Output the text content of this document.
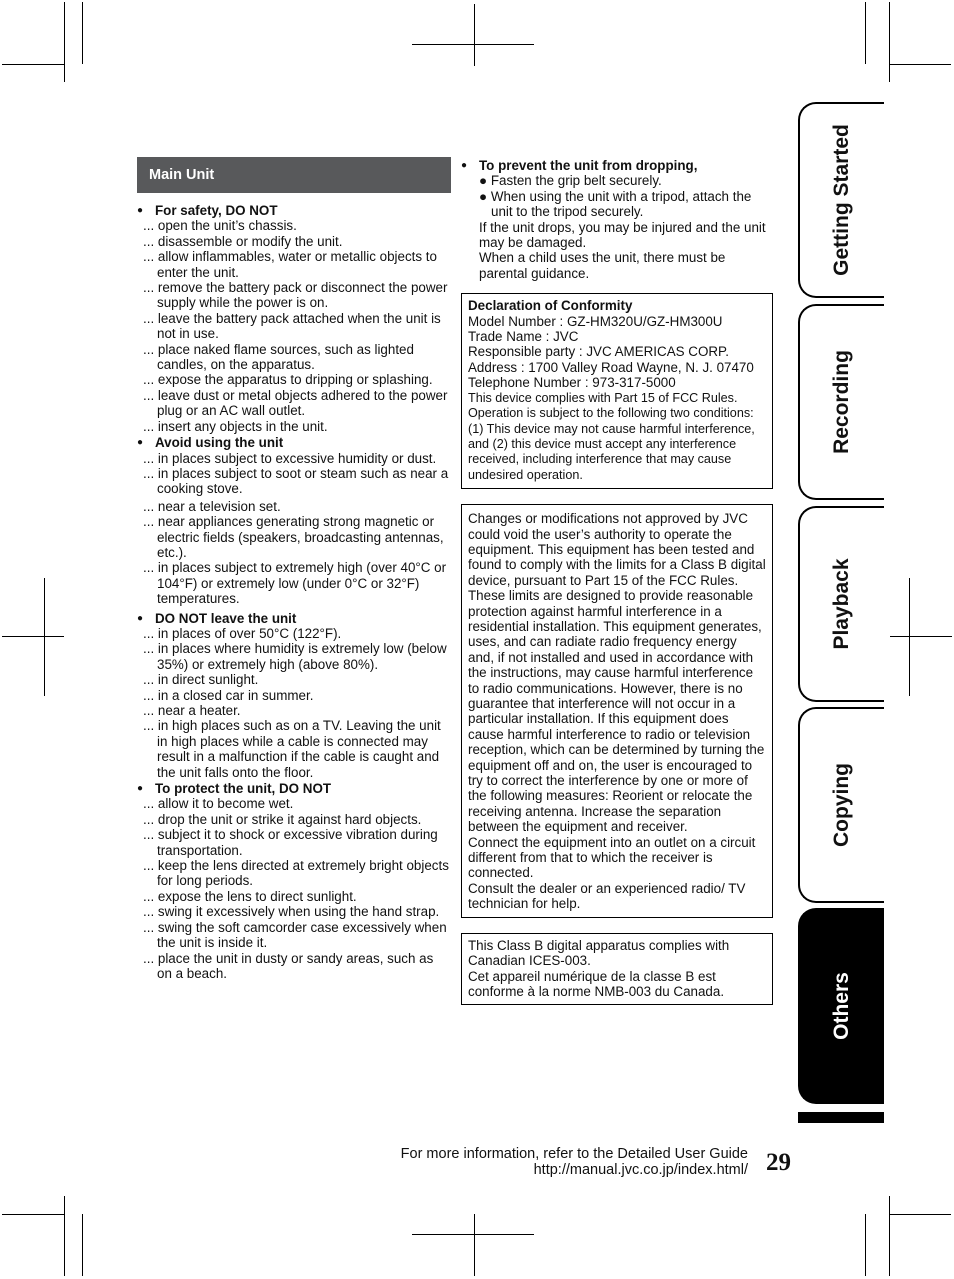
Main Unit
● For safety, DO NOT
... open the unit’s chassis.
... disassemble or modify the unit.
... allow inflammables, water or metallic objects to enter the unit.
... remove the battery pack or disconnect the power supply while the power is on.
... leave the battery pack attached when the unit is not in use.
... place naked flame sources, such as lighted candles, on the apparatus.
... expose the apparatus to dripping or splashing.
... leave dust or metal objects adhered to the power plug or an AC wall outlet.
... insert any objects in the unit.
● Avoid using the unit
... in places subject to excessive humidity or dust.
... in places subject to soot or steam such as near a cooking stove.
... near a television set.
... near appliances generating strong magnetic or electric fields (speakers, broadcasting antennas, etc.).
... in places subject to extremely high (over 40°C or 104°F) or extremely low (under 0°C or 32°F) temperatures.
● DO NOT leave the unit
... in places of over 50°C (122°F).
... in places where humidity is extremely low (below 35%) or extremely high (above 80%).
... in direct sunlight.
... in a closed car in summer.
... near a heater.
... in high places such as on a TV. Leaving the unit in high places while a cable is connected may result in a malfunction if the cable is caught and the unit falls onto the floor.
● To protect the unit, DO NOT
... allow it to become wet.
... drop the unit or strike it against hard objects.
... subject it to shock or excessive vibration during transportation.
... keep the lens directed at extremely bright objects for long periods.
... expose the lens to direct sunlight.
... swing it excessively when using the hand strap.
... swing the soft camcorder case excessively when the unit is inside it.
... place the unit in dusty or sandy areas, such as on a beach.
● To prevent the unit from dropping,
● Fasten the grip belt securely.
● When using the unit with a tripod, attach the unit to the tripod securely.
If the unit drops, you may be injured and the unit may be damaged.
When a child uses the unit, there must be parental guidance.

Declaration of Conformity

Model Number : GZ-HM320U/GZ-HM300U

Trade Name : JVC

Responsible party : JVC AMERICAS CORP.

Address : 1700 Valley Road Wayne, N. J. 07470

Telephone Number : 973-317-5000

This device complies with Part 15 of FCC Rules. Operation is subject to the following two conditions: (1) This device may not cause harmful interference, and (2) this device must accept any interference received, including interference that may cause undesired operation.

Changes or modifications not approved by JVC could void the user’s authority to operate the equipment. This equipment has been tested and found to comply with the limits for a Class B digital device, pursuant to Part 15 of the FCC Rules. These limits are designed to provide reasonable protection against harmful interference in a residential installation. This equipment generates, uses, and can radiate radio frequency energy and, if not installed and used in accordance with the instructions, may cause harmful interference to radio communications. However, there is no guarantee that interference will not occur in a particular installation. If this equipment does cause harmful interference to radio or television reception, which can be determined by turning the equipment off and on, the user is encouraged to try to correct the interference by one or more of the following measures: Reorient or relocate the receiving antenna. Increase the separation between the equipment and receiver.

Connect the equipment into an outlet on a circuit different from that to which the receiver is connected.

Consult the dealer or an experienced radio/ TV technician for help.

This Class B digital apparatus complies with Canadian ICES-003.

Cet appareil numérique de la classe B est conforme à la norme NMB-003 du Canada.

Getting Started
Recording
Playback
Copying
Others
For more information, refer to the Detailed User Guide
http://manual.jvc.co.jp/index.html/ 29
